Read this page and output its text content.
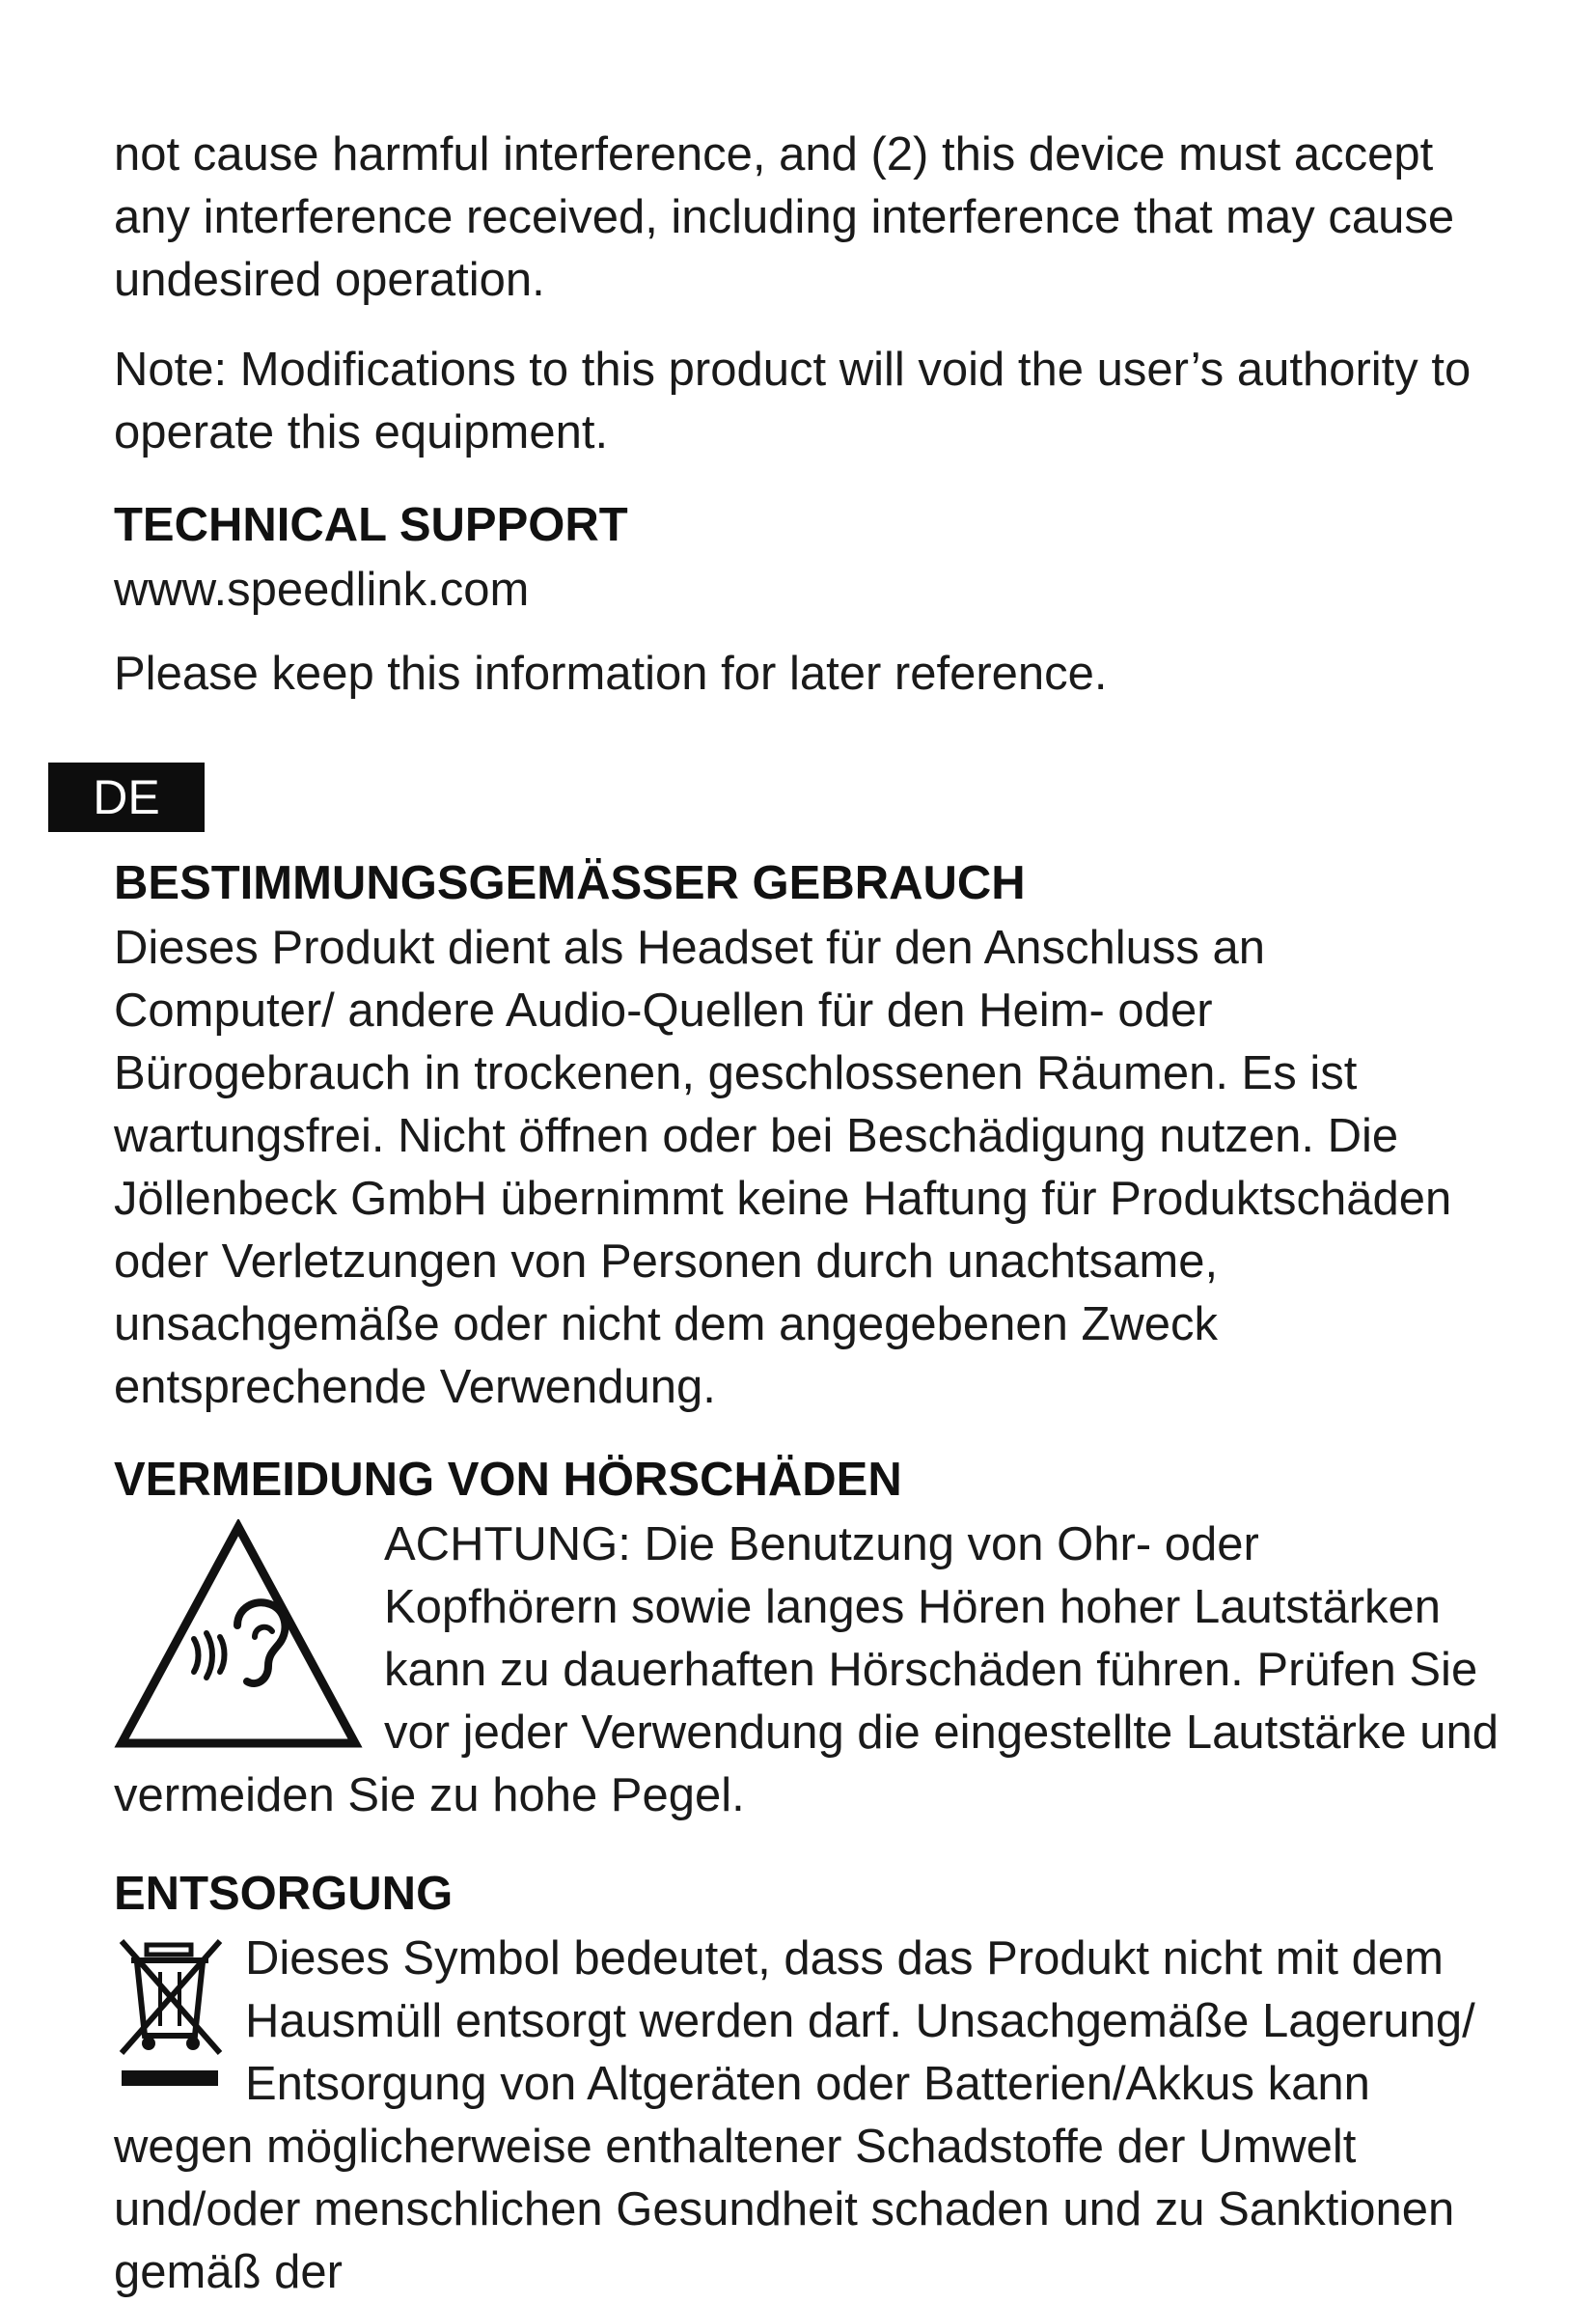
not cause harmful interference, and (2) this device must accept any interference received, including interference that may cause undesired operation.

Note: Modifications to this product will void the user’s authority to operate this equipment.

TECHNICAL SUPPORT

www.speedlink.com

Please keep this information for later reference.

DE
BESTIMMUNGSGEMÄSSER GEBRAUCH

Dieses Produkt dient als Headset für den Anschluss an Computer/ andere Audio-Quellen für den Heim- oder Bürogebrauch in trockenen, geschlossenen Räumen. Es ist wartungsfrei. Nicht öffnen oder bei Beschädigung nutzen. Die Jöllenbeck GmbH übernimmt keine Haftung für Produktschäden oder Verletzungen von Personen durch unachtsame, unsachgemäße oder nicht dem angegebenen Zweck entsprechende Verwendung.

VERMEIDUNG VON HÖRSCHÄDEN

ACHTUNG: Die Benutzung von Ohr- oder Kopfhörern sowie langes Hören hoher Lautstärken kann zu dauerhaften Hörschäden führen. Prüfen Sie vor jeder Verwendung die eingestellte Lautstärke und vermeiden Sie zu hohe Pegel.

ENTSORGUNG

Dieses Symbol bedeutet, dass das Produkt nicht mit dem Hausmüll entsorgt werden darf. Unsachgemäße Lagerung/ Entsorgung von Altgeräten oder Batterien/Akkus kann wegen möglicherweise enthaltener Schadstoffe der Umwelt und/oder menschlichen Gesundheit schaden und zu Sanktionen gemäß der
